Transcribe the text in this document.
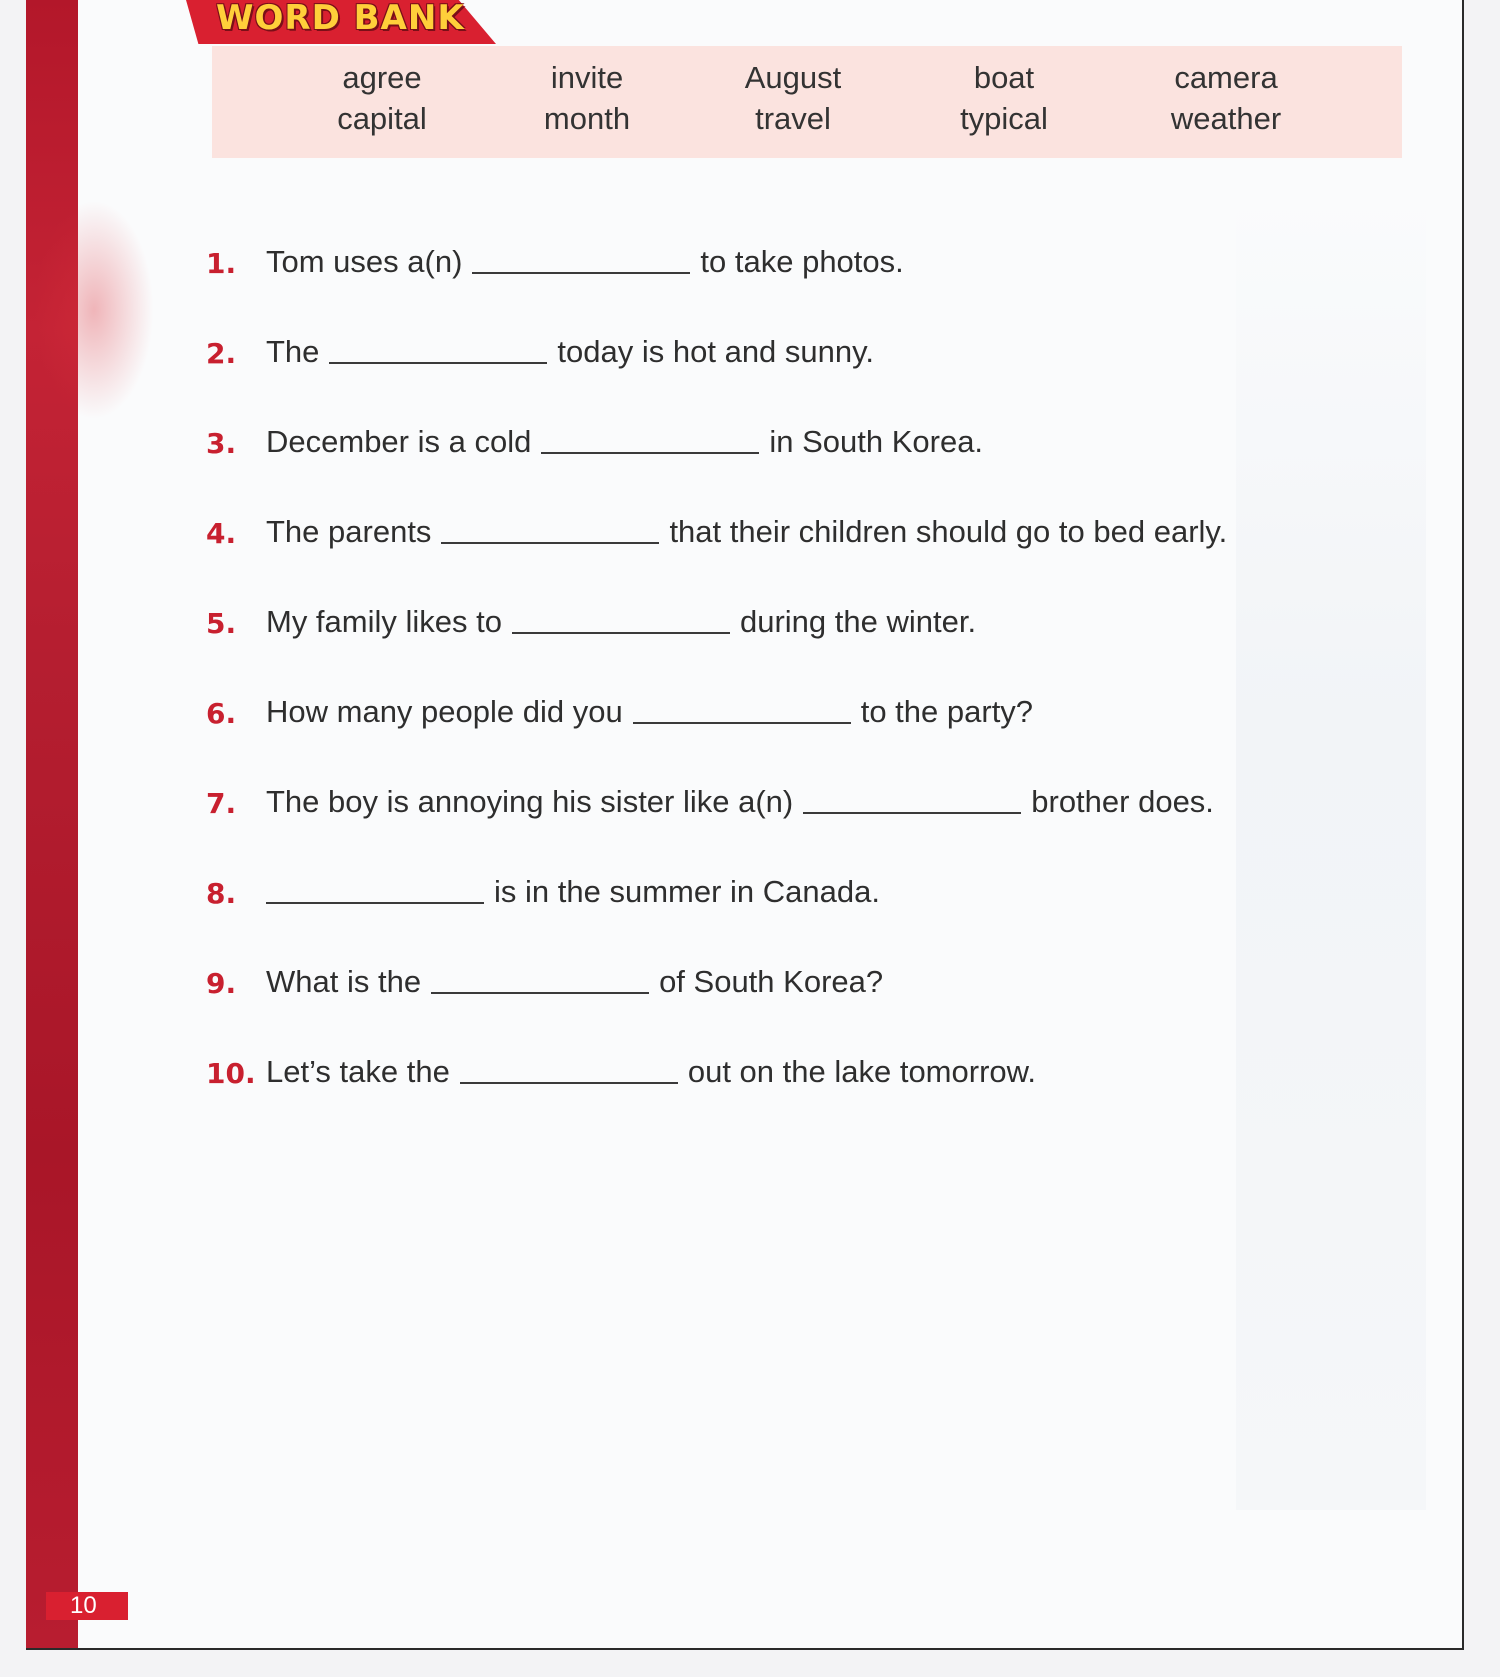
WORD BANK
agree	invite	August	boat	camera
capital	month	travel	typical	weather
1. Tom uses a(n)	to take photos.
2. The	today is hot and sunny.
3. December is a cold	in South Korea.
4. The parents	that their children should go to bed early.
5. My family likes to	during the winter.
6. How many people did you	to the party?
7. The boy is annoying his sister like a(n)	brother does.
8.	is in the summer in Canada.
9. What is the	of South Korea?
10. Let’s take the	out on the lake tomorrow.
10
